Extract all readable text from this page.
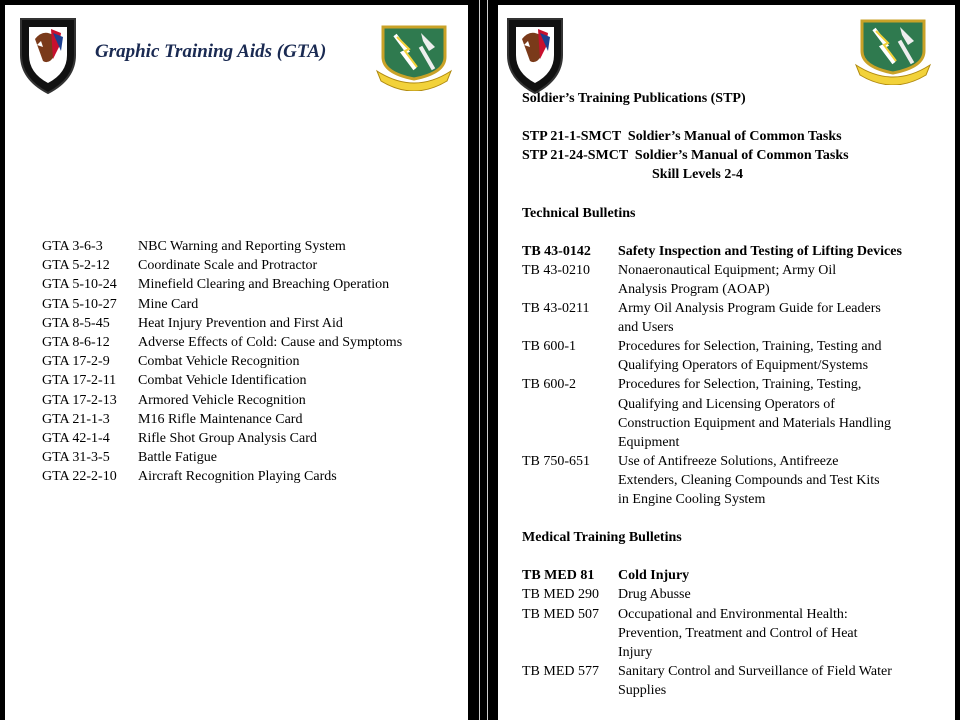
Graphic Training Aids (GTA)
GTA 3-6-3	NBC Warning and Reporting System
GTA 5-2-12 Coordinate Scale and Protractor
GTA 5-10-24 Minefield Clearing and Breaching Operation
GTA 5-10-27 Mine Card
GTA 8-5-45 Heat Injury Prevention and First Aid
GTA 8-6-12 Adverse Effects of Cold: Cause and Symptoms
GTA 17-2-9 Combat Vehicle Recognition
GTA 17-2-11 Combat Vehicle Identification
GTA 17-2-13 Armored Vehicle Recognition
GTA 21-1-3 M16 Rifle Maintenance Card
GTA 42-1-4 Rifle Shot Group Analysis Card
GTA 31-3-5 Battle Fatigue
GTA 22-2-10 Aircraft Recognition Playing Cards
Soldier’s Training Publications (STP)
STP 21-1-SMCT  Soldier’s Manual of Common Tasks
STP 21-24-SMCT  Soldier’s Manual of Common Tasks
Skill Levels 2-4
Technical Bulletins
TB 43-0142	Safety Inspection and Testing of Lifting Devices
TB 43-0210	Nonaeronautical Equipment; Army Oil
Analysis Program (AOAP)
TB 43-0211	Army Oil Analysis Program Guide for Leaders
and Users
TB 600-1	Procedures for Selection, Training, Testing and
Qualifying Operators of Equipment/Systems
TB 600-2	Procedures for Selection, Training, Testing,
Qualifying and Licensing Operators of
Construction Equipment and Materials Handling
Equipment
TB 750-651	Use of Antifreeze Solutions, Antifreeze
Extenders, Cleaning Compounds and Test Kits
in Engine Cooling System
Medical Training Bulletins
TB MED 81	Cold Injury
TB MED 290	Drug Abusse
TB MED 507	Occupational and Environmental Health:
Prevention, Treatment and Control of Heat
Injury
TB MED 577	Sanitary Control and Surveillance of Field Water
Supplies
